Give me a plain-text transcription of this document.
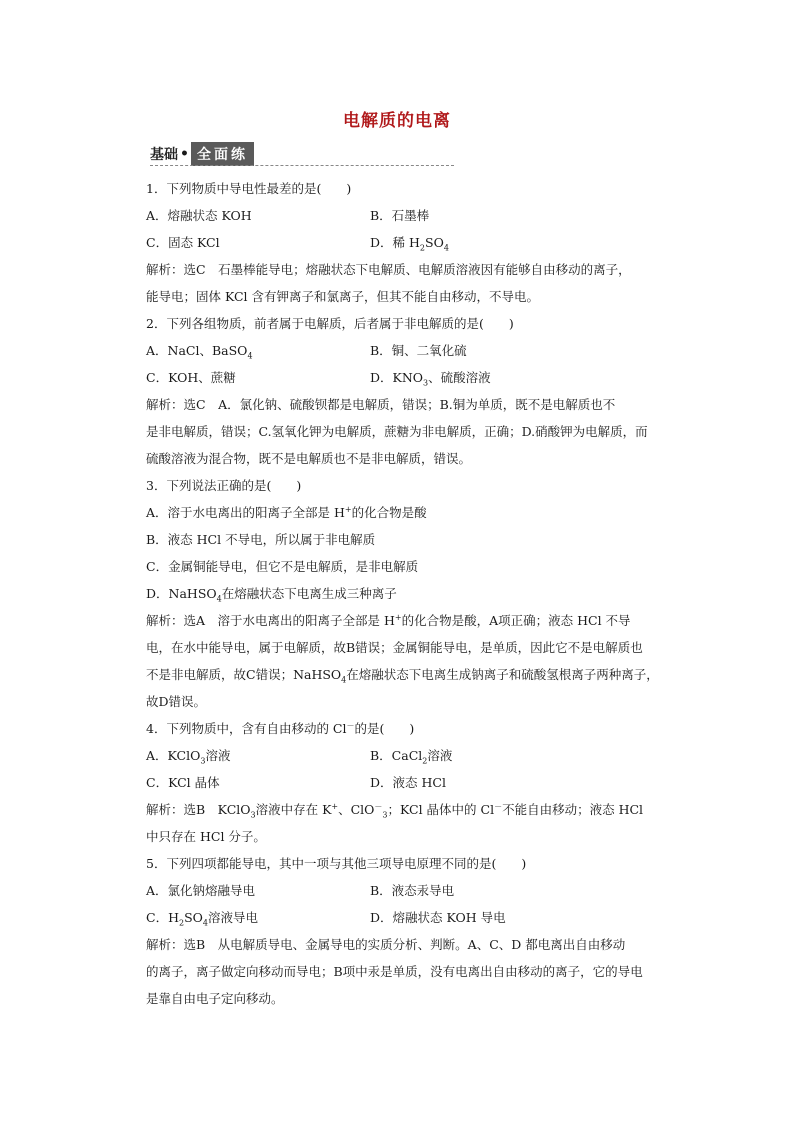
电解质的电离
基础 • 全面练
1．下列物质中导电性最差的是(　　)
A．熔融状态 KOH	B．石墨棒
C．固态 KCl	D．稀 $H_2SO_4$
解析：选C　石墨棒能导电；熔融状态下电解质、电解质溶液因有能够自由移动的离子，
能导电；固体 KCl 含有钾离子和氯离子，但其不能自由移动，不导电。
2．下列各组物质，前者属于电解质，后者属于非电解质的是(　　)
A．NaCl、BaSO$_4$	B．铜、二氧化硫
C．KOH、蔗糖	D．$KNO_3$、硫酸溶液
解析：选C　A．氯化钠、硫酸钡都是电解质，错误；B.铜为单质，既不是电解质也不
是非电解质，错误；C.氢氧化钾为电解质，蔗糖为非电解质，正确；D.硝酸钾为电解质，而
硫酸溶液为混合物，既不是电解质也不是非电解质，错误。
3．下列说法正确的是(　　)
A．溶于水电离出的阳离子全部是 H+的化合物是酸
B．液态 HCl 不导电，所以属于非电解质
C．金属铜能导电，但它不是电解质，是非电解质
D．NaHSO$_4$在熔融状态下电离生成三种离子
解析：选A　溶于水电离出的阳离子全部是 H+的化合物是酸，A项正确；液态 HCl 不导
电，在水中能导电，属于电解质，故B错误；金属铜能导电，是单质，因此它不是电解质也
不是非电解质，故C错误；NaHSO$_4$在熔融状态下电离生成钠离子和硫酸氢根离子两种离子，
故D错误。
4．下列物质中，含有自由移动的 Cl－的是(　　)
A．KClO$_3$溶液	B．CaCl$_2$溶液
C．KCl 晶体	D．液态 HCl
解析：选B　KClO$_3$溶液中存在 K+、ClO－$_3$；KCl 晶体中的 Cl－不能自由移动；液态 HCl
中只存在 HCl 分子。
5．下列四项都能导电，其中一项与其他三项导电原理不同的是(　　)
A．氯化钠熔融导电	B．液态汞导电
C．$H_2SO_4$溶液导电	D．熔融状态 KOH 导电
解析：选B　从电解质导电、金属导电的实质分析、判断。A、C、D 都电离出自由移动
的离子，离子做定向移动而导电；B项中汞是单质，没有电离出自由移动的离子，它的导电
是靠自由电子定向移动。
